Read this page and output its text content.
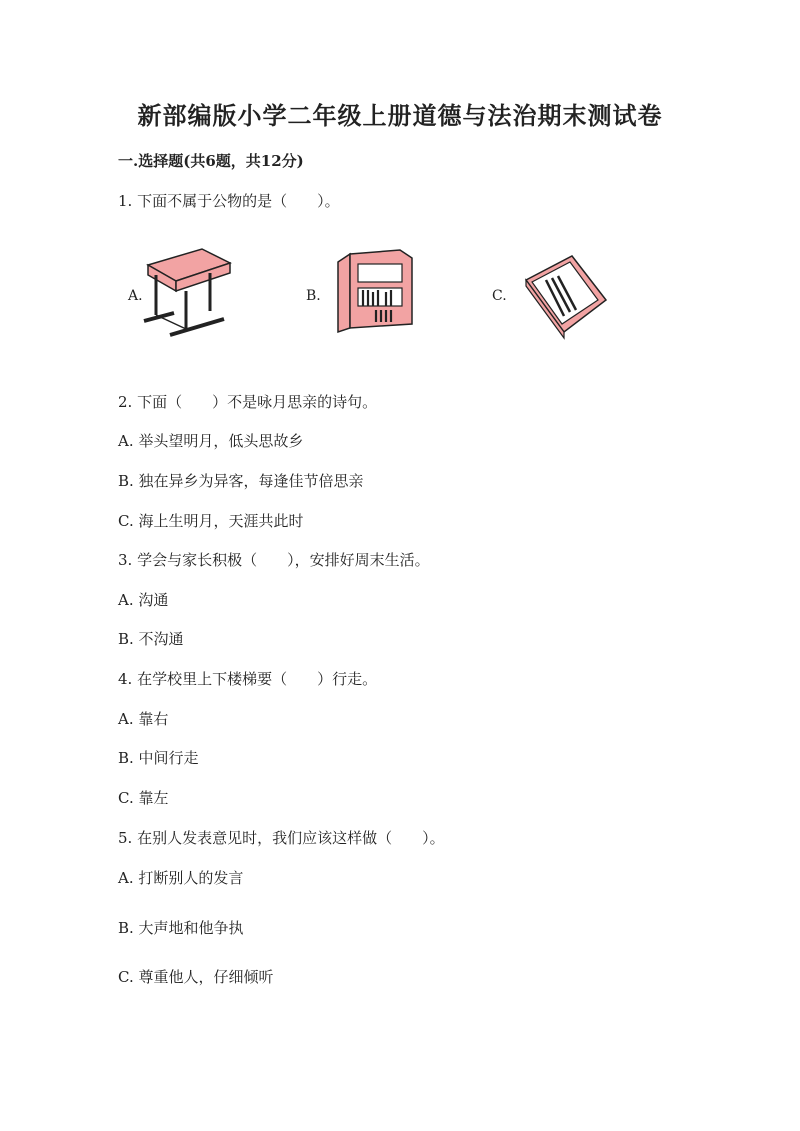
新部编版小学二年级上册道德与法治期末测试卷
一.选择题(共6题，共12分)
1. 下面不属于公物的是（　　）。
A.	B.	C.
2. 下面（　　）不是咏月思亲的诗句。
A. 举头望明月，低头思故乡
B. 独在异乡为异客，每逢佳节倍思亲
C. 海上生明月，天涯共此时
3. 学会与家长积极（　　），安排好周末生活。
A. 沟通
B. 不沟通
4. 在学校里上下楼梯要（　　）行走。
A. 靠右
B. 中间行走
C. 靠左
5. 在别人发表意见时，我们应该这样做（　　）。
A. 打断别人的发言
B. 大声地和他争执
C. 尊重他人，仔细倾听
